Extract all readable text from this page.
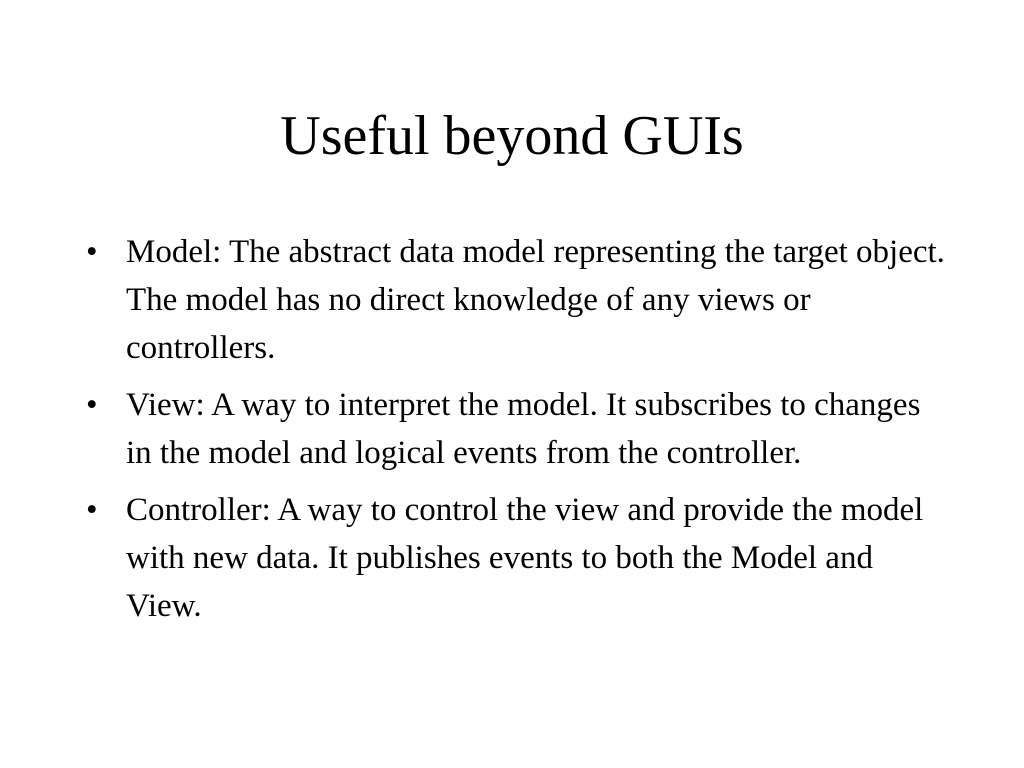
Useful beyond GUIs
• Model: The abstract data model representing the target object. The model has no direct knowledge of any views or controllers.
• View: A way to interpret the model. It subscribes to changes in the model and logical events from the controller.
• Controller: A way to control the view and provide the model with new data. It publishes events to both the Model and View.
